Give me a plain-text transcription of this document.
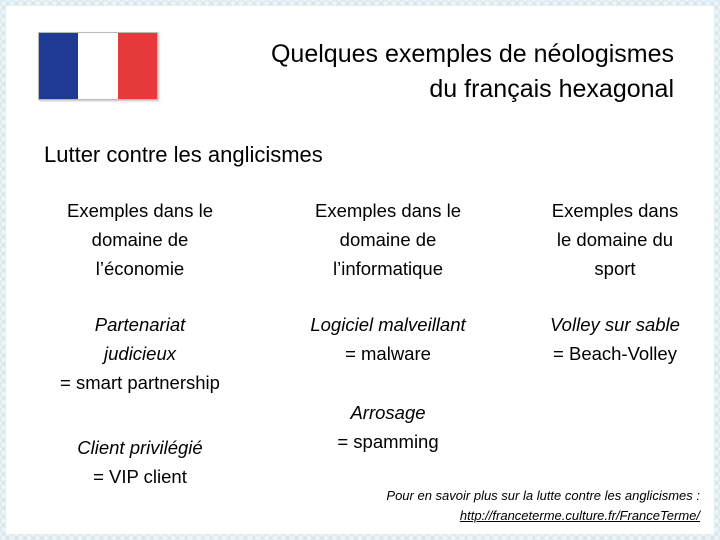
Quelques exemples de néologismes
du français hexagonal
Lutter contre les anglicismes
Exemples dans le
domaine de
l’économie
Partenariat
judicieux
= smart partnership
Client privilégié
= VIP client
Exemples dans le
domaine de
l’informatique
Logiciel malveillant
= malware
Arrosage
= spamming
Exemples dans
le domaine du
sport
Volley sur sable
= Beach-Volley
Pour en savoir plus sur la lutte contre les anglicismes :
http://franceterme.culture.fr/FranceTerme/
